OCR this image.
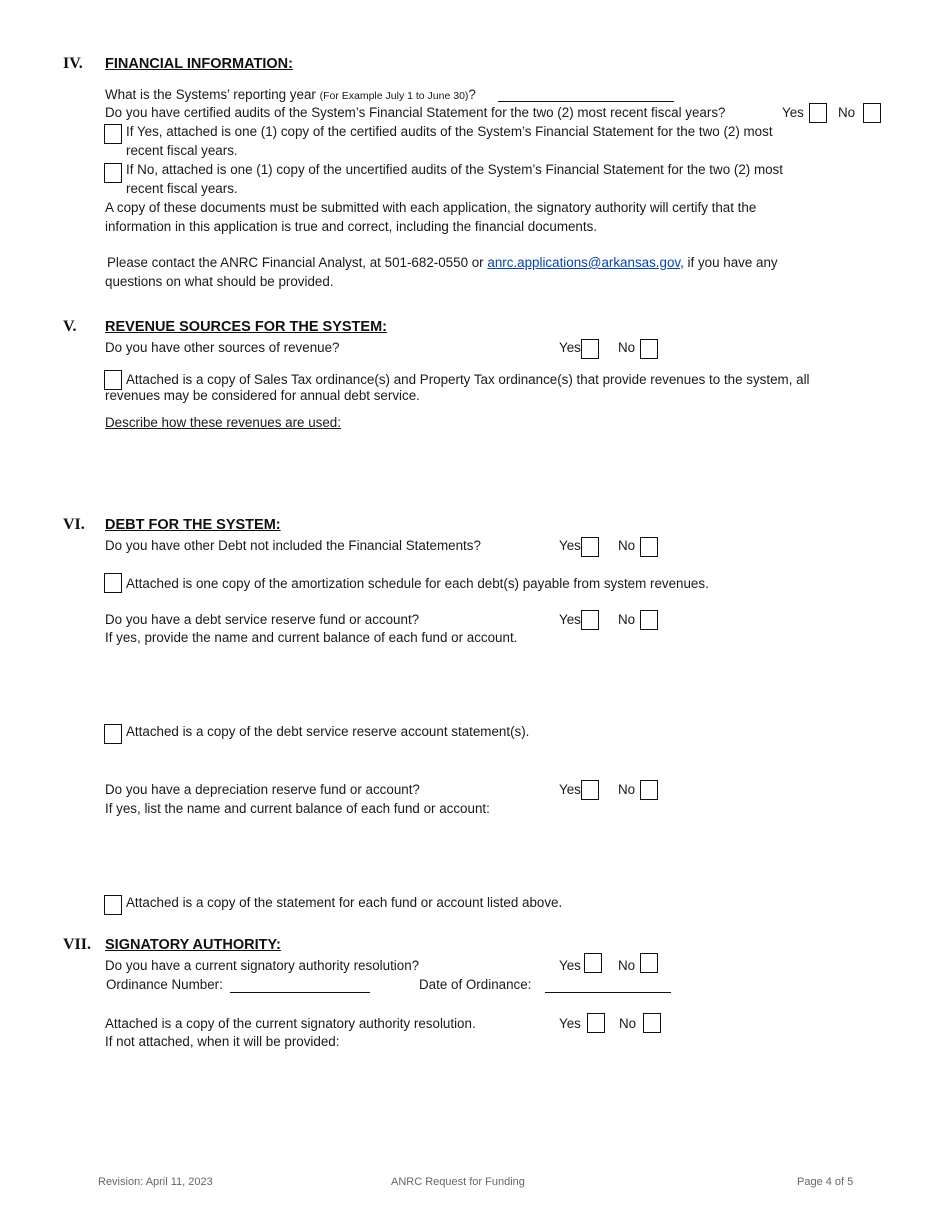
IV. FINANCIAL INFORMATION:
What is the Systems’ reporting year (For Example July 1 to June 30)?
Do you have certified audits of the System’s Financial Statement for the two (2) most recent fiscal years?	Yes	No
If Yes, attached is one (1) copy of the certified audits of the System’s Financial Statement for the two (2) most
recent fiscal years.
If No, attached is one (1) copy of the uncertified audits of the System’s Financial Statement for the two (2) most
recent fiscal years.
A copy of these documents must be submitted with each application, the signatory authority will certify that the
information in this application is true and correct, including the financial documents.
Please contact the ANRC Financial Analyst, at 501-682-0550 or anrc.applications@arkansas.gov, if you have any
questions on what should be provided.
V. REVENUE SOURCES FOR THE SYSTEM:
Do you have other sources of revenue?	Yes	No
Attached is a copy of Sales Tax ordinance(s) and Property Tax ordinance(s) that provide revenues to the system, all
revenues may be considered for annual debt service.
Describe how these revenues are used:
VI. DEBT FOR THE SYSTEM:
Do you have other Debt not included the Financial Statements?	Yes	No
Attached is one copy of the amortization schedule for each debt(s) payable from system revenues.
Do you have a debt service reserve fund or account?	Yes	No
If yes, provide the name and current balance of each fund or account.
Attached is a copy of the debt service reserve account statement(s).
Do you have a depreciation reserve fund or account?	Yes	No
If yes, list the name and current balance of each fund or account:
Attached is a copy of the statement for each fund or account listed above.
VII. SIGNATORY AUTHORITY:
Do you have a current signatory authority resolution?	Yes	No
Ordinance Number:	Date of Ordinance:
Attached is a copy of the current signatory authority resolution.	Yes	No
If not attached, when it will be provided:
Revision: April 11, 2023	ANRC Request for Funding	Page 4 of 5
